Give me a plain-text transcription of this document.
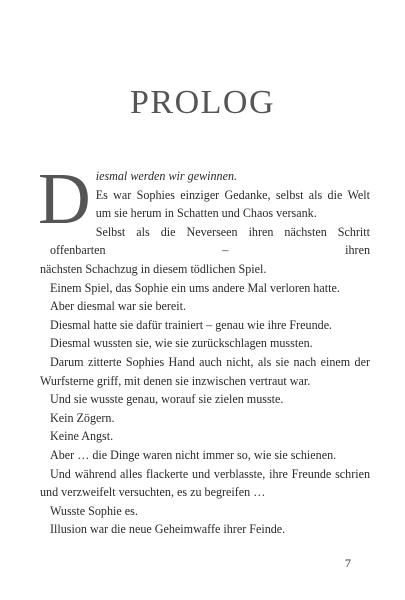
PROLOG
D iesmal werden wir gewinnen.
Es war Sophies einziger Gedanke, selbst als die Welt
um sie herum in Schatten und Chaos versank.
Selbst als die Neverseen ihren nächsten Schritt offenbarten – ihren
nächsten Schachzug in diesem tödlichen Spiel.
Einem Spiel, das Sophie ein ums andere Mal verloren hatte.
Aber diesmal war sie bereit.
Diesmal hatte sie dafür trainiert – genau wie ihre Freunde.
Diesmal wussten sie, wie sie zurückschlagen mussten.
Darum zitterte Sophies Hand auch nicht, als sie nach einem der
Wurfsterne griff, mit denen sie inzwischen vertraut war.
Und sie wusste genau, worauf sie zielen musste.
Kein Zögern.
Keine Angst.
Aber … die Dinge waren nicht immer so, wie sie schienen.
Und während alles flackerte und verblasste, ihre Freunde schrien
und verzweifelt versuchten, es zu begreifen …
Wusste Sophie es.
Illusion war die neue Geheimwaffe ihrer Feinde.
7
